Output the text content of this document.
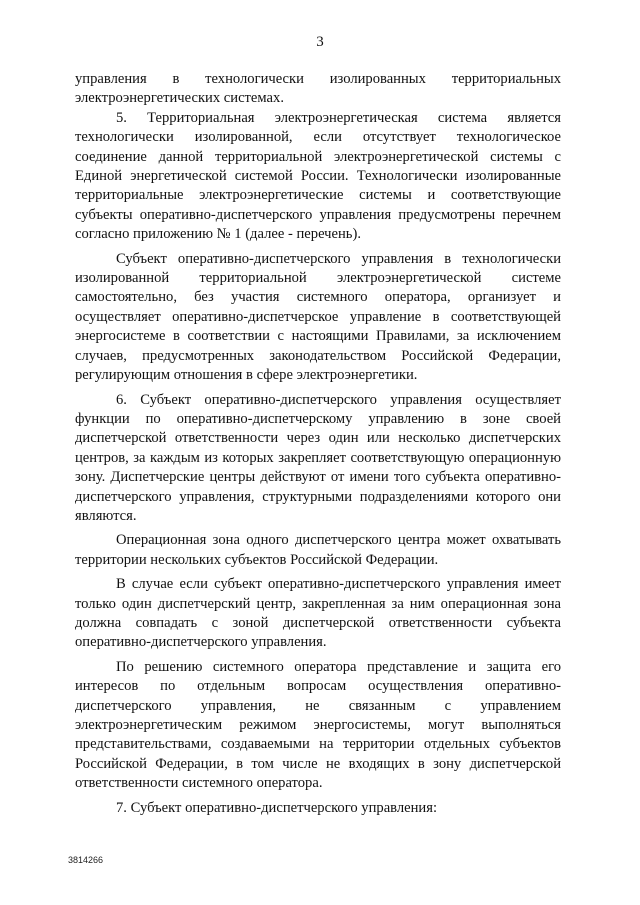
3

управления в технологически изолированных территориальных электроэнергетических системах.

5. Территориальная электроэнергетическая система является технологически изолированной, если отсутствует технологическое соединение данной территориальной электроэнергетической системы с Единой энергетической системой России. Технологически изолированные территориальные электроэнергетические системы и соответствующие субъекты оперативно-диспетчерского управления предусмотрены перечнем согласно приложению № 1 (далее - перечень).

Субъект оперативно-диспетчерского управления в технологически изолированной территориальной электроэнергетической системе самостоятельно, без участия системного оператора, организует и осуществляет оперативно-диспетчерское управление в соответствующей энергосистеме в соответствии с настоящими Правилами, за исключением случаев, предусмотренных законодательством Российской Федерации, регулирующим отношения в сфере электроэнергетики.

6. Субъект оперативно-диспетчерского управления осуществляет функции по оперативно-диспетчерскому управлению в зоне своей диспетчерской ответственности через один или несколько диспетчерских центров, за каждым из которых закрепляет соответствующую операционную зону. Диспетчерские центры действуют от имени того субъекта оперативно-диспетчерского управления, структурными подразделениями которого они являются.

Операционная зона одного диспетчерского центра может охватывать территории нескольких субъектов Российской Федерации.

В случае если субъект оперативно-диспетчерского управления имеет только один диспетчерский центр, закрепленная за ним операционная зона должна совпадать с зоной диспетчерской ответственности субъекта оперативно-диспетчерского управления.

По решению системного оператора представление и защита его интересов по отдельным вопросам осуществления оперативно-диспетчерского управления, не связанным с управлением электроэнергетическим режимом энергосистемы, могут выполняться представительствами, создаваемыми на территории отдельных субъектов Российской Федерации, в том числе не входящих в зону диспетчерской ответственности системного оператора.

7. Субъект оперативно-диспетчерского управления:

3814266
